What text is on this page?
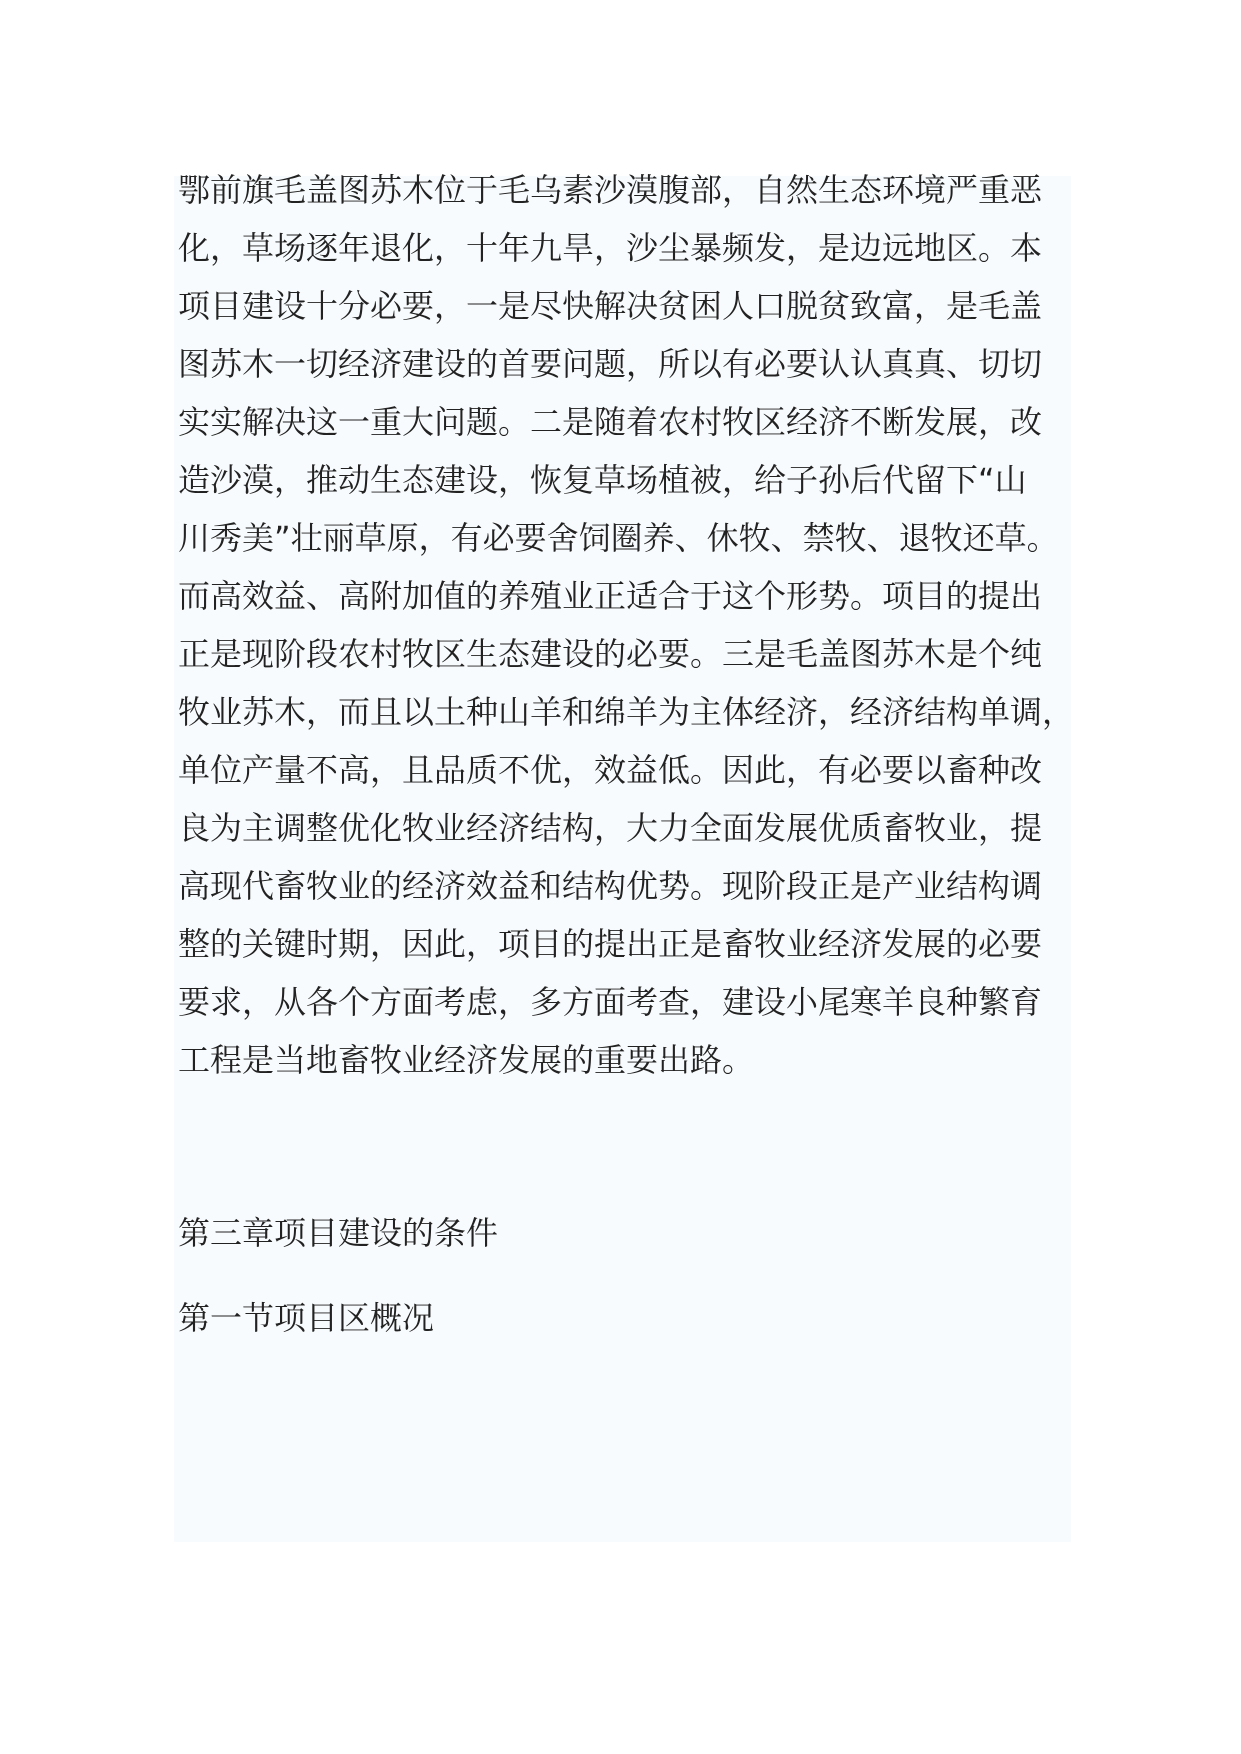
鄂前旗毛盖图苏木位于毛乌素沙漠腹部，自然生态环境严重恶
化，草场逐年退化，十年九旱，沙尘暴频发，是边远地区。本
项目建设十分必要，一是尽快解决贫困人口脱贫致富，是毛盖
图苏木一切经济建设的首要问题，所以有必要认认真真、切切
实实解决这一重大问题。二是随着农村牧区经济不断发展，改
造沙漠，推动生态建设，恢复草场植被，给子孙后代留下“山
川秀美”壮丽草原，有必要舍饲圈养、休牧、禁牧、退牧还草。
而高效益、高附加值的养殖业正适合于这个形势。项目的提出
正是现阶段农村牧区生态建设的必要。三是毛盖图苏木是个纯
牧业苏木，而且以土种山羊和绵羊为主体经济，经济结构单调，
单位产量不高，且品质不优，效益低。因此，有必要以畜种改
良为主调整优化牧业经济结构，大力全面发展优质畜牧业，提
高现代畜牧业的经济效益和结构优势。现阶段正是产业结构调
整的关键时期，因此，项目的提出正是畜牧业经济发展的必要
要求，从各个方面考虑，多方面考查，建设小尾寒羊良种繁育
工程是当地畜牧业经济发展的重要出路。
第三章项目建设的条件
第一节项目区概况
